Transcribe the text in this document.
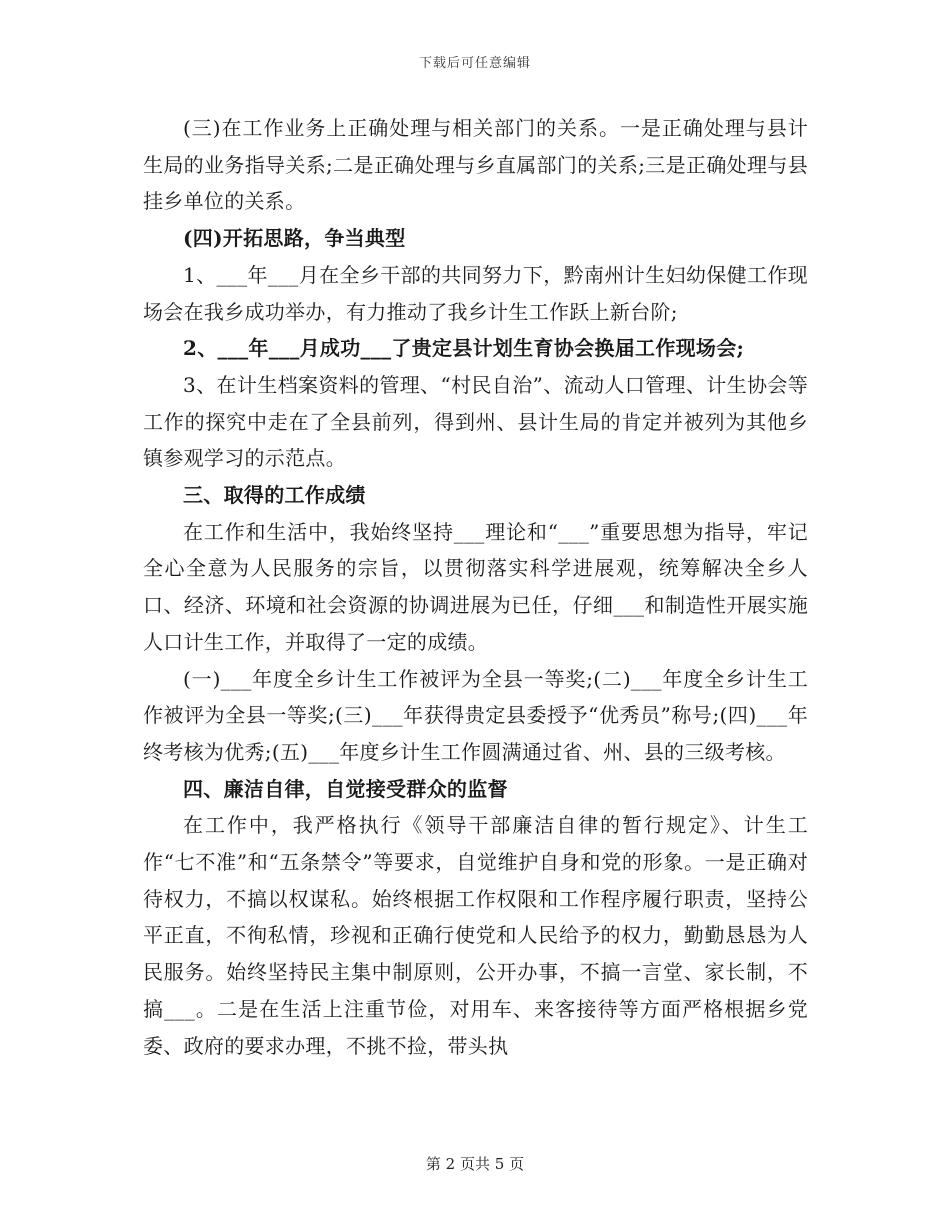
下载后可任意编辑

(三)在工作业务上正确处理与相关部门的关系。一是正确处理与县计生局的业务指导关系;二是正确处理与乡直属部门的关系;三是正确处理与县挂乡单位的关系。

(四)开拓思路，争当典型

1、___年___月在全乡干部的共同努力下，黔南州计生妇幼保健工作现场会在我乡成功举办，有力推动了我乡计生工作跃上新台阶;

2、___年___月成功___了贵定县计划生育协会换届工作现场会;

3、在计生档案资料的管理、“村民自治”、流动人口管理、计生协会等工作的探究中走在了全县前列，得到州、县计生局的肯定并被列为其他乡镇参观学习的示范点。

三、取得的工作成绩

在工作和生活中，我始终坚持___理论和“___”重要思想为指导，牢记全心全意为人民服务的宗旨，以贯彻落实科学进展观，统筹解决全乡人口、经济、环境和社会资源的协调进展为已任，仔细___和制造性开展实施人口计生工作，并取得了一定的成绩。

(一)___年度全乡计生工作被评为全县一等奖;(二)___年度全乡计生工作被评为全县一等奖;(三)___年获得贵定县委授予“优秀员”称号;(四)___年终考核为优秀;(五)___年度乡计生工作圆满通过省、州、县的三级考核。

四、廉洁自律，自觉接受群众的监督

在工作中，我严格执行《领导干部廉洁自律的暂行规定》、计生工作“七不准”和“五条禁令”等要求，自觉维护自身和党的形象。一是正确对待权力，不搞以权谋私。始终根据工作权限和工作程序履行职责，坚持公平正直，不徇私情，珍视和正确行使党和人民给予的权力，勤勤恳恳为人民服务。始终坚持民主集中制原则，公开办事，不搞一言堂、家长制，不搞___。二是在生活上注重节俭，对用车、来客接待等方面严格根据乡党委、政府的要求办理，不挑不捡，带头执

第 2 页共 5 页
